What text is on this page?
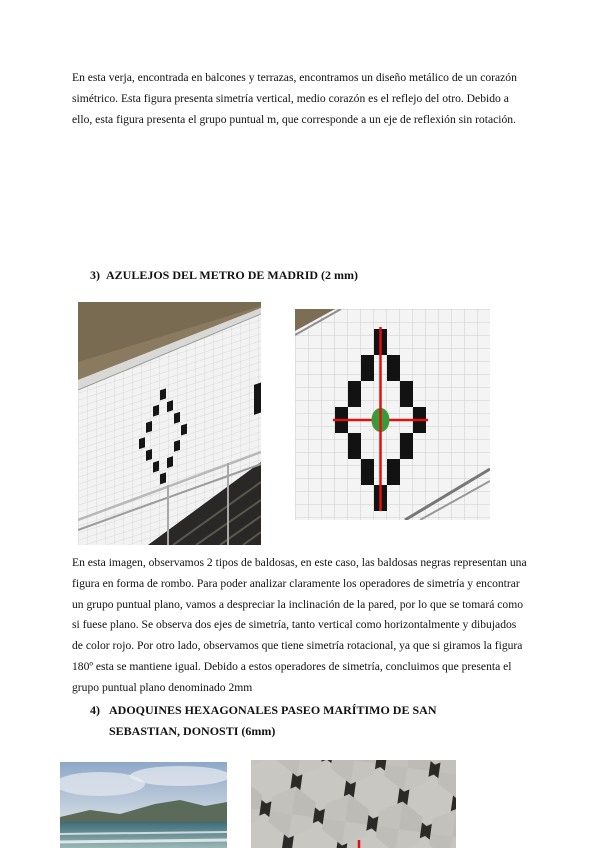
En esta verja, encontrada en balcones y terrazas, encontramos un diseño metálico de un corazón simétrico. Esta figura presenta simetría vertical, medio corazón es el reflejo del otro. Debido a ello, esta figura presenta el grupo puntual m, que corresponde a un eje de reflexión sin rotación.

3) AZULEJOS DEL METRO DE MADRID (2 mm)

En esta imagen, observamos 2 tipos de baldosas, en este caso, las baldosas negras representan una figura en forma de rombo. Para poder analizar claramente los operadores de simetría y encontrar un grupo puntual plano, vamos a despreciar la inclinación de la pared, por lo que se tomará como si fuese plano. Se observa dos ejes de simetría, tanto vertical como horizontalmente y dibujados de color rojo. Por otro lado, observamos que tiene simetría rotacional, ya que si giramos la figura 180º esta se mantiene igual. Debido a estos operadores de simetría, concluimos que presenta el grupo puntual plano denominado 2mm

4) ADOQUINES HEXAGONALES PASEO MARÍTIMO DE SAN
SEBASTIAN, DONOSTI (6mm)
